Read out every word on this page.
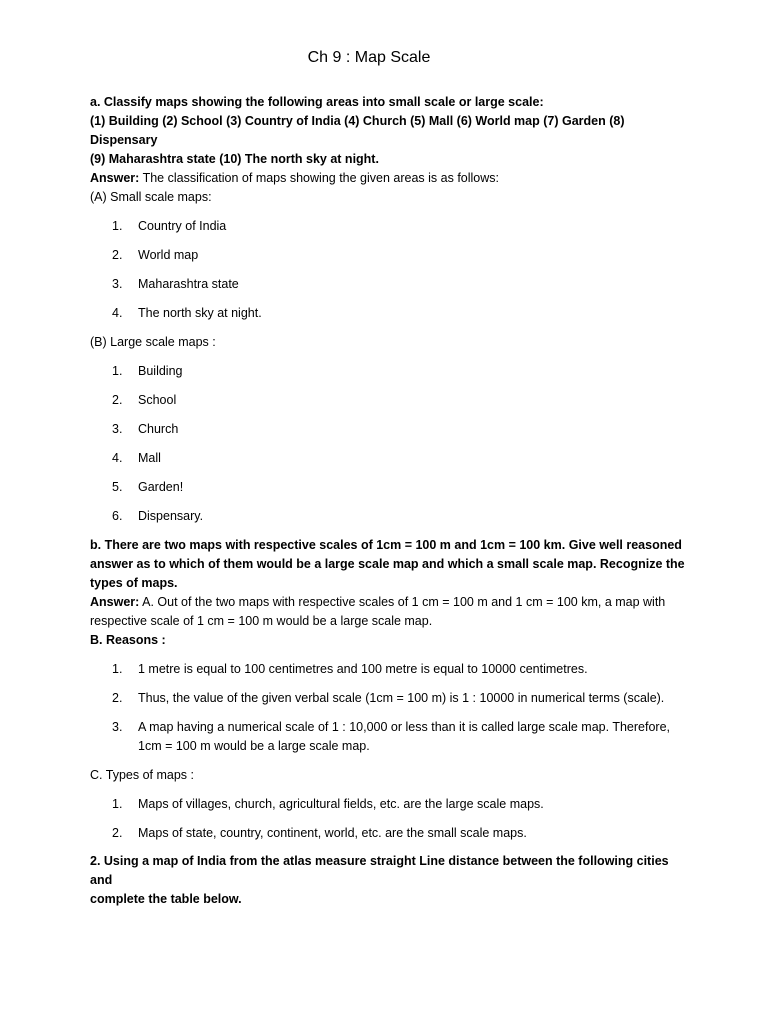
Ch 9 : Map Scale

a. Classify maps showing the following areas into small scale or large scale:

(1) Building (2) School (3) Country of India (4) Church (5) Mall (6) World map (7) Garden (8) Dispensary

(9) Maharashtra state (10) The north sky at night.

Answer: The classification of maps showing the given areas is as follows:

(A) Small scale maps:

1.	Country of India
2.	World map
3.	Maharashtra state
4.	The north sky at night.

(B) Large scale maps :

1.	Building
2.	School
3.	Church
4.	Mall
5.	Garden!
6.	Dispensary.

b. There are two maps with respective scales of 1cm = 100 m and 1cm = 100 km. Give well reasoned

answer as to which of them would be a large scale map and which a small scale map. Recognize the

types of maps.

Answer: A. Out of the two maps with respective scales of 1 cm = 100 m and 1 cm = 100 km, a map with

respective scale of 1 cm = 100 m would be a large scale map.

B. Reasons :

1.	1 metre is equal to 100 centimetres and 100 metre is equal to 10000 centimetres.
2.	Thus, the value of the given verbal scale (1cm = 100 m) is 1 : 10000 in numerical terms (scale).
3.	A map having a numerical scale of 1 : 10,000 or less than it is called large scale map. Therefore,
1cm = 100 m would be a large scale map.

C. Types of maps :

1.	Maps of villages, church, agricultural fields, etc. are the large scale maps.
2.	Maps of state, country, continent, world, etc. are the small scale maps.

2. Using a map of India from the atlas measure straight Line distance between the following cities and

complete the table below.
